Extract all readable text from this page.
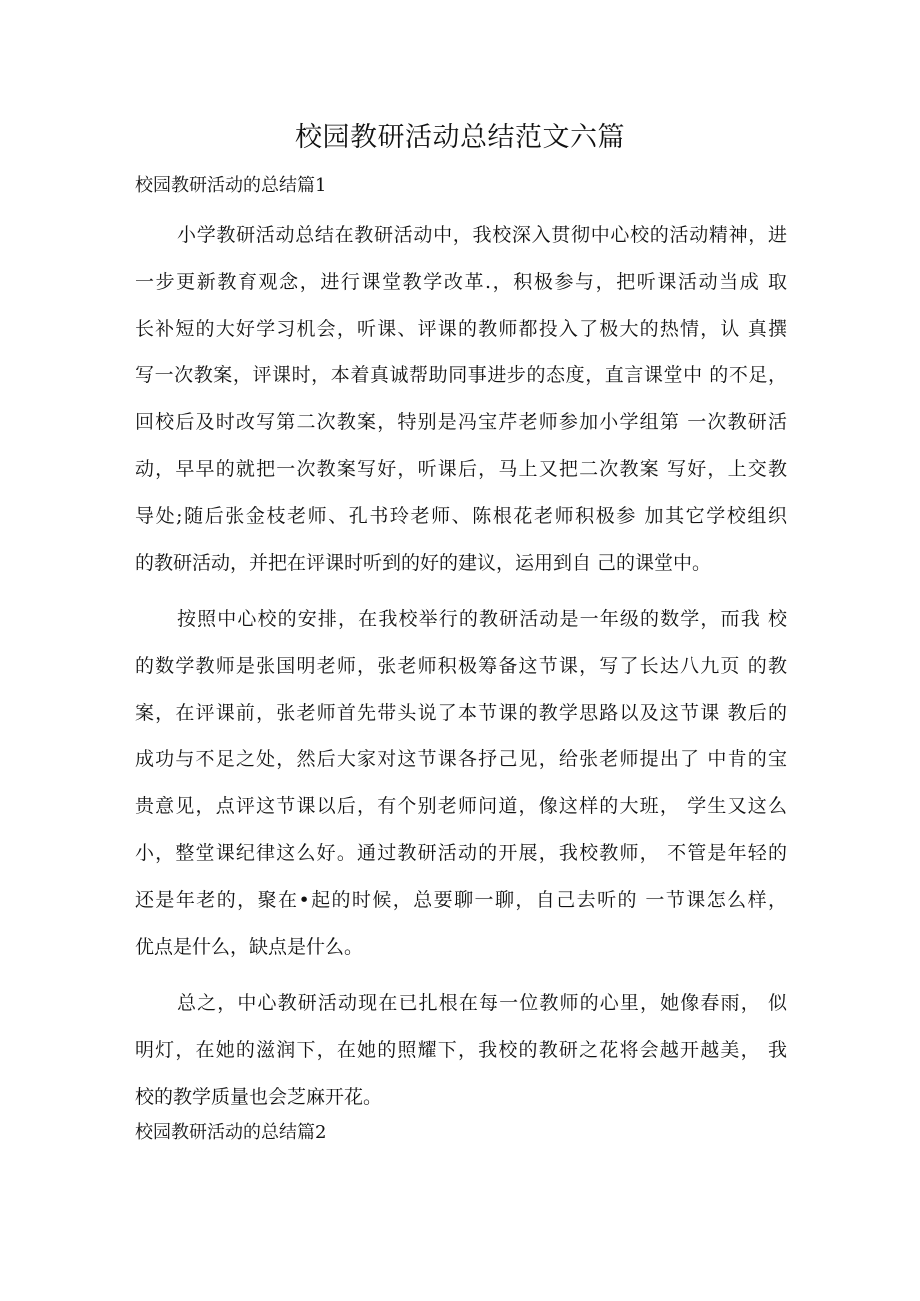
校园教研活动总结范文六篇
校园教研活动的总结篇1
小学教研活动总结在教研活动中，我校深入贯彻中心校的活动精神，进
一步更新教育观念，进行课堂教学改革.，积极参与，把听课活动当成 取
长补短的大好学习机会，听课、评课的教师都投入了极大的热情，认 真撰
写一次教案，评课时，本着真诚帮助同事进步的态度，直言课堂中 的不足，
回校后及时改写第二次教案，特别是冯宝芹老师参加小学组第 一次教研活
动，早早的就把一次教案写好，听课后，马上又把二次教案 写好，上交教
导处;随后张金枝老师、孔书玲老师、陈根花老师积极参 加其它学校组织
的教研活动，并把在评课时听到的好的建议，运用到自 己的课堂中。
按照中心校的安排，在我校举行的教研活动是一年级的数学，而我 校
的数学教师是张国明老师，张老师积极筹备这节课，写了长达八九页 的教
案，在评课前，张老师首先带头说了本节课的教学思路以及这节课 教后的
成功与不足之处，然后大家对这节课各抒己见，给张老师提出了 中肯的宝
贵意见，点评这节课以后，有个别老师问道，像这样的大班， 学生又这么
小，整堂课纪律这么好。通过教研活动的开展，我校教师， 不管是年轻的
还是年老的，聚在•起的时候，总要聊一聊，自己去听的 一节课怎么样，
优点是什么，缺点是什么。
总之，中心教研活动现在已扎根在每一位教师的心里，她像春雨， 似
明灯，在她的滋润下，在她的照耀下，我校的教研之花将会越开越美， 我
校的教学质量也会芝麻开花。
校园教研活动的总结篇2
